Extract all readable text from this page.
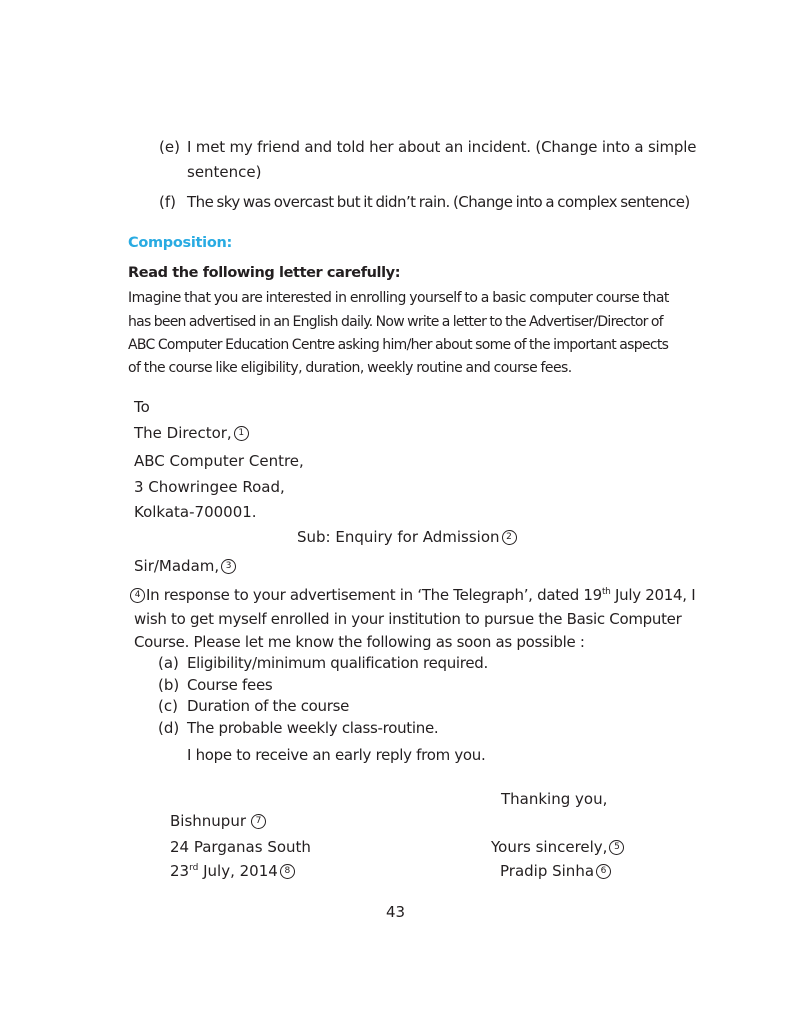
(e) I met my friend and told her about an incident. (Change into a simple
sentence)
(f) The sky was overcast but it didn’t rain. (Change into a complex sentence)
Composition:
Read the following letter carefully:
Imagine that you are interested in enrolling yourself to a basic computer course that
has been advertised in an English daily. Now write a letter to the Advertiser/Director of
ABC Computer Education Centre asking him/her about some of the important aspects
of the course like eligibility, duration, weekly routine and course fees.
To
The Director, 1
ABC Computer Centre,
3 Chowringee Road,
Kolkata-700001.
Sub: Enquiry for Admission 2
Sir/Madam, 3
4 In response to your advertisement in ‘The Telegraph’, dated 19th July 2014, I
wish to get myself enrolled in your institution to pursue the Basic Computer
Course. Please let me know the following as soon as possible :
(a) Eligibility/minimum qualification required.
(b) Course fees
(c) Duration of the course
(d) The probable weekly class-routine.
I hope to receive an early reply from you.
Thanking you,
Bishnupur 7
24 Parganas South
23rd July, 2014 8
Yours sincerely, 5
Pradip Sinha 6
43
